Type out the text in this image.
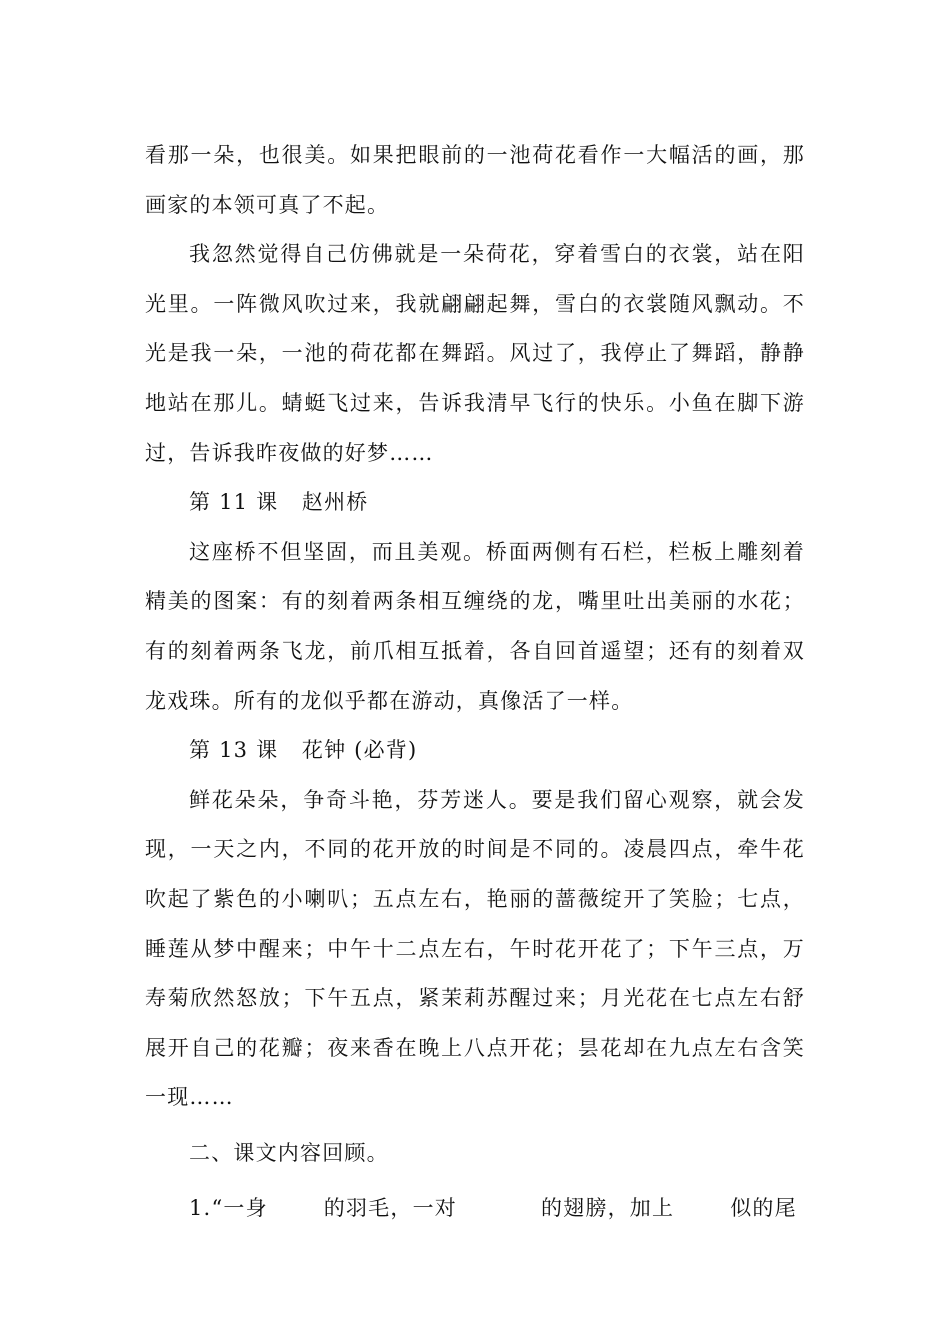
看那一朵，也很美。如果把眼前的一池荷花看作一大幅活的画，那画家的本领可真了不起。

我忽然觉得自己仿佛就是一朵荷花，穿着雪白的衣裳，站在阳光里。一阵微风吹过来，我就翩翩起舞，雪白的衣裳随风飘动。不光是我一朵，一池的荷花都在舞蹈。风过了，我停止了舞蹈，静静地站在那儿。蜻蜓飞过来，告诉我清早飞行的快乐。小鱼在脚下游过，告诉我昨夜做的好梦……

第 11 课   赵州桥

这座桥不但坚固，而且美观。桥面两侧有石栏，栏板上雕刻着精美的图案：有的刻着两条相互缠绕的龙，嘴里吐出美丽的水花；有的刻着两条飞龙，前爪相互抵着，各自回首遥望；还有的刻着双龙戏珠。所有的龙似乎都在游动，真像活了一样。

第 13 课   花钟 (必背)

鲜花朵朵，争奇斗艳，芬芳迷人。要是我们留心观察，就会发现，一天之内，不同的花开放的时间是不同的。凌晨四点，牵牛花吹起了紫色的小喇叭；五点左右，艳丽的蔷薇绽开了笑脸；七点，睡莲从梦中醒来；中午十二点左右，午时花开花了；下午三点，万寿菊欣然怒放；下午五点，紧茉莉苏醒过来；月光花在七点左右舒展开自己的花瓣；夜来香在晚上八点开花；昙花却在九点左右含笑一现……

二、课文内容回顾。

1.“一身	的羽毛，一对	的翅膀，加上	似的尾
